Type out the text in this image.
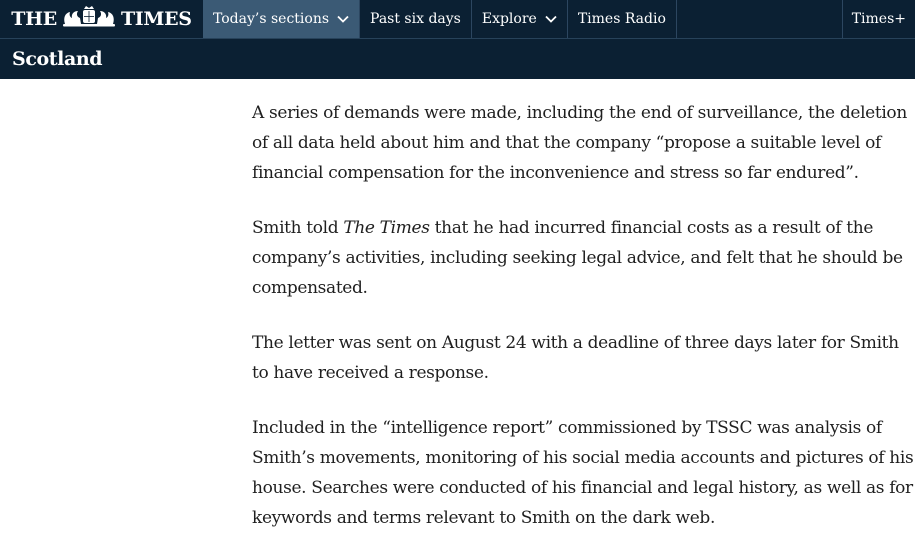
THE	TIMES Today’s sections	Past six days Explore	Times Radio	Times+
Scotland

A series of demands were made, including the end of surveillance, the deletion of all data held about him and that the company “propose a suitable level of financial compensation for the inconvenience and stress so far endured”.

Smith told The Times that he had incurred financial costs as a result of the company’s activities, including seeking legal advice, and felt that he should be compensated.

The letter was sent on August 24 with a deadline of three days later for Smith to have received a response.

Included in the “intelligence report” commissioned by TSSC was analysis of Smith’s movements, monitoring of his social media accounts and pictures of his house. Searches were conducted of his financial and legal history, as well as for keywords and terms relevant to Smith on the dark web.
